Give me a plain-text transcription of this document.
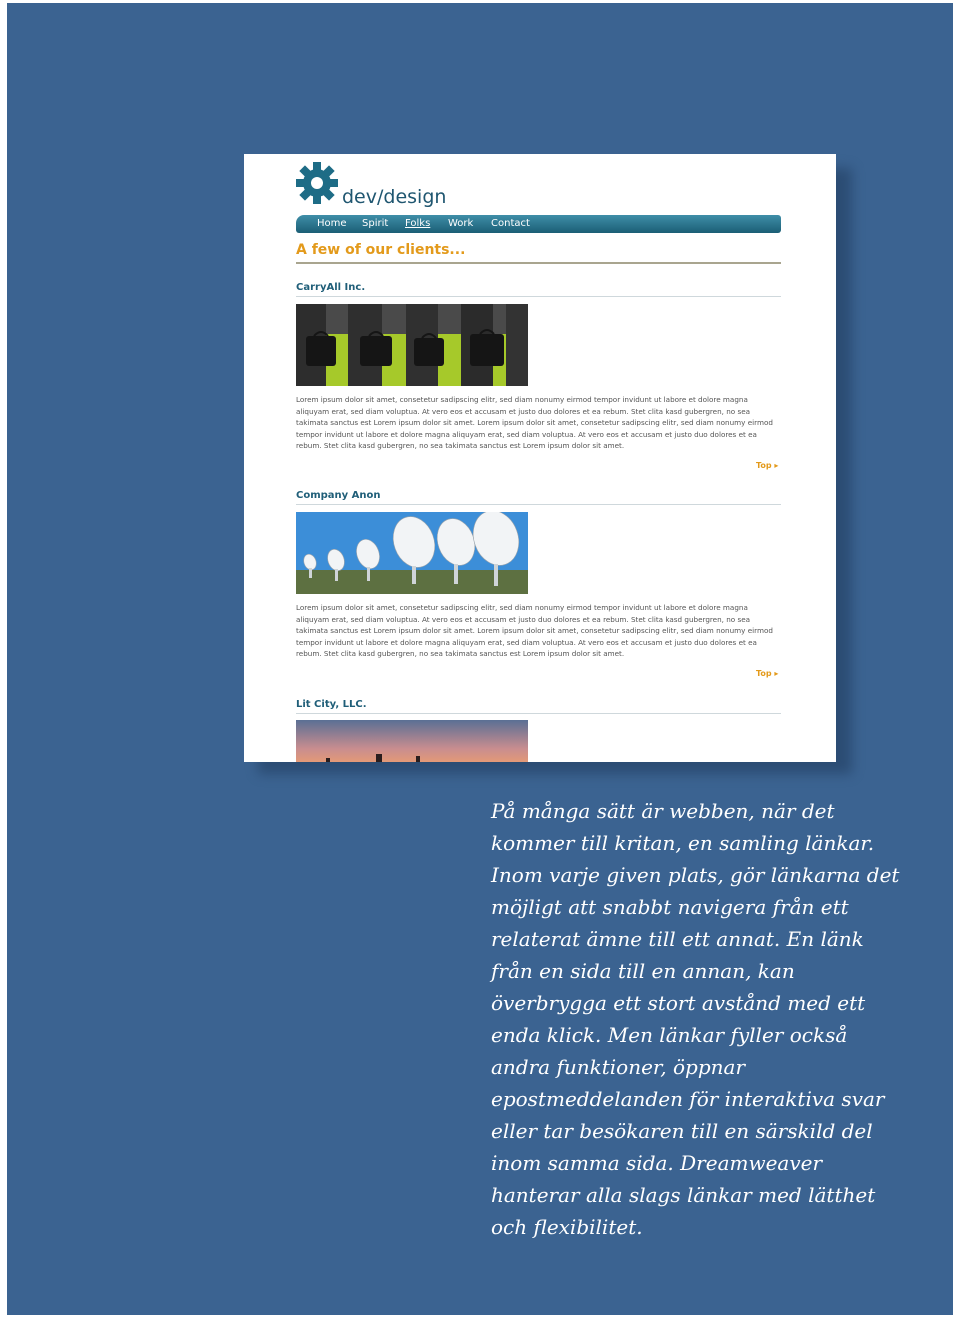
dev/design
Home Spirit Folks Work Contact
A few of our clients...
CarryAll Inc.

Lorem ipsum dolor sit amet, consetetur sadipscing elitr, sed diam nonumy eirmod tempor invidunt ut labore et dolore magna aliquyam erat, sed diam voluptua. At vero eos et accusam et justo duo dolores et ea rebum. Stet clita kasd gubergren, no sea takimata sanctus est Lorem ipsum dolor sit amet. Lorem ipsum dolor sit amet, consetetur sadipscing elitr, sed diam nonumy eirmod tempor invidunt ut labore et dolore magna aliquyam erat, sed diam voluptua. At vero eos et accusam et justo duo dolores et ea rebum. Stet clita kasd gubergren, no sea takimata sanctus est Lorem ipsum dolor sit amet.

Top ▸
Company Anon

Lorem ipsum dolor sit amet, consetetur sadipscing elitr, sed diam nonumy eirmod tempor invidunt ut labore et dolore magna aliquyam erat, sed diam voluptua. At vero eos et accusam et justo duo dolores et ea rebum. Stet clita kasd gubergren, no sea takimata sanctus est Lorem ipsum dolor sit amet. Lorem ipsum dolor sit amet, consetetur sadipscing elitr, sed diam nonumy eirmod tempor invidunt ut labore et dolore magna aliquyam erat, sed diam voluptua. At vero eos et accusam et justo duo dolores et ea rebum. Stet clita kasd gubergren, no sea takimata sanctus est Lorem ipsum dolor sit amet.

Top ▸
Lit City, LLC.

På många sätt är webben, när det kommer till kritan, en samling länkar. Inom varje given plats, gör länkarna det möjligt att snabbt navigera från ett relaterat ämne till ett annat. En länk från en sida till en annan, kan överbrygga ett stort avstånd med ett enda klick. Men länkar fyller också andra funktioner, öppnar epostmeddelanden för interaktiva svar eller tar besökaren till en särskild del inom samma sida. Dreamweaver hanterar alla slags länkar med lätthet och flexibilitet.
